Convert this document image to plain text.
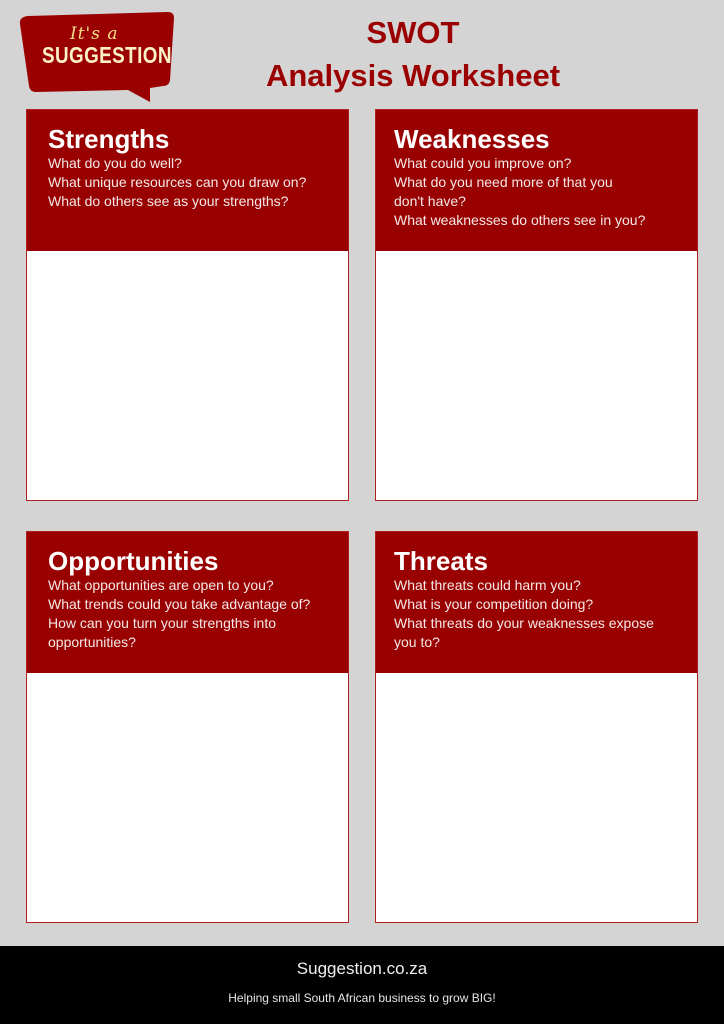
It's a
SUGGESTION
SWOT
Analysis Worksheet
Strengths
What do you do well?
What unique resources can you draw on?
What do others see as your strengths?
Weaknesses
What could you improve on?
What do you need more of that you
don't have?
What weaknesses do others see in you?
Opportunities
What opportunities are open to you?
What trends could you take advantage of?
How can you turn your strengths into
opportunities?
Threats
What threats could harm you?
What is your competition doing?
What threats do your weaknesses expose
you to?
Suggestion.co.za
Helping small South African business to grow BIG!
